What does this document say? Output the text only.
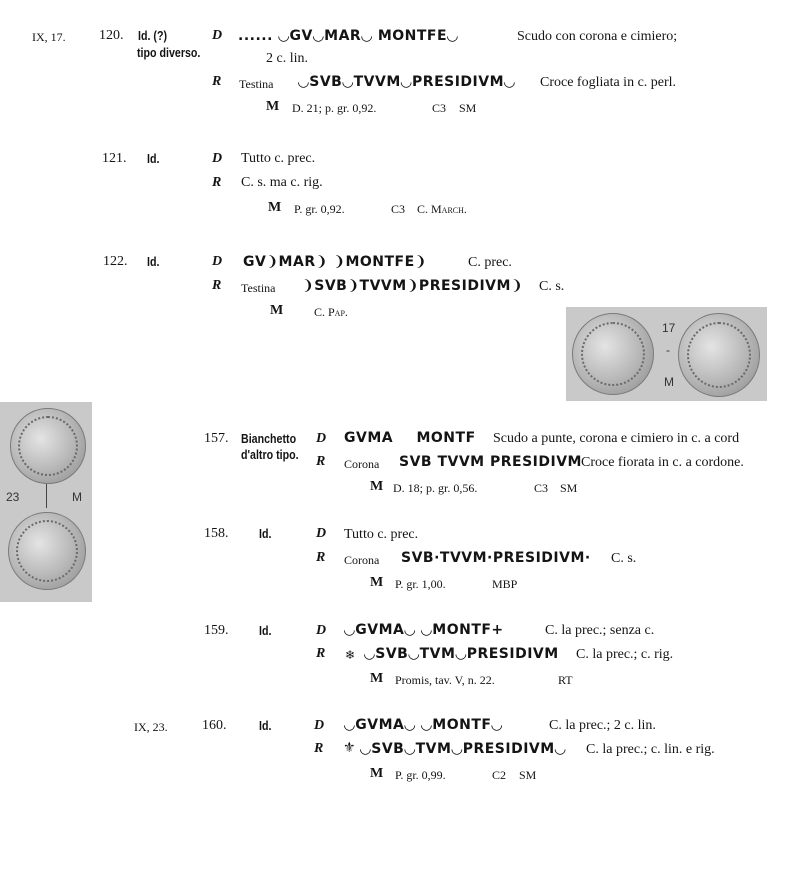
IX, 17. 120. Id. (?)
tipo diverso.
D ...... ◡GV◡MAR◡ MONTFE◡	Scudo con corona e cimiero;
2 c. lin.
R Testina ◡SVB◡TVVM◡PRESIDIVM◡ Croce fogliata in c. perl.
M D. 21; p. gr. 0,92.	C3 SM
121. Id.	D Tutto c. prec.
R C. s. ma c. rig.
M P. gr. 0,92.	C3 C. March.
122. Id.	D GV❩MAR❩ ❩MONTFE❩	C. prec.
R Testina ❩SVB❩TVVM❩PRESIDIVM❩ C. s.
M	C. Pap.
17
-
M
23	M
157. Bianchetto
d'altro tipo.
D GVMA MONTF Scudo a punte, corona e cimiero in c. a cord
R Corona SVB TVVM PRESIDIVM Croce fiorata in c. a cordone.
M D. 18; p. gr. 0,56.	C3 SM
158. Id.	D Tutto c. prec.
R Corona SVB·TVVM·PRESIDIVM· C. s.
M P. gr. 1,00.	MBP
159. Id.	D ◡GVMA◡ ◡MONTF+	C. la prec.; senza c.
R ❄ ◡SVB◡TVM◡PRESIDIVM C. la prec.; c. rig.
M Promis, tav. V, n. 22.	RT
IX, 23. 160.	Id.	D ◡GVMA◡ ◡MONTF◡	C. la prec.; 2 c. lin.
R ⚜ ◡SVB◡TVM◡PRESIDIVM◡ C. la prec.; c. lin. e rig.
M P. gr. 0,99.	C2 SM
